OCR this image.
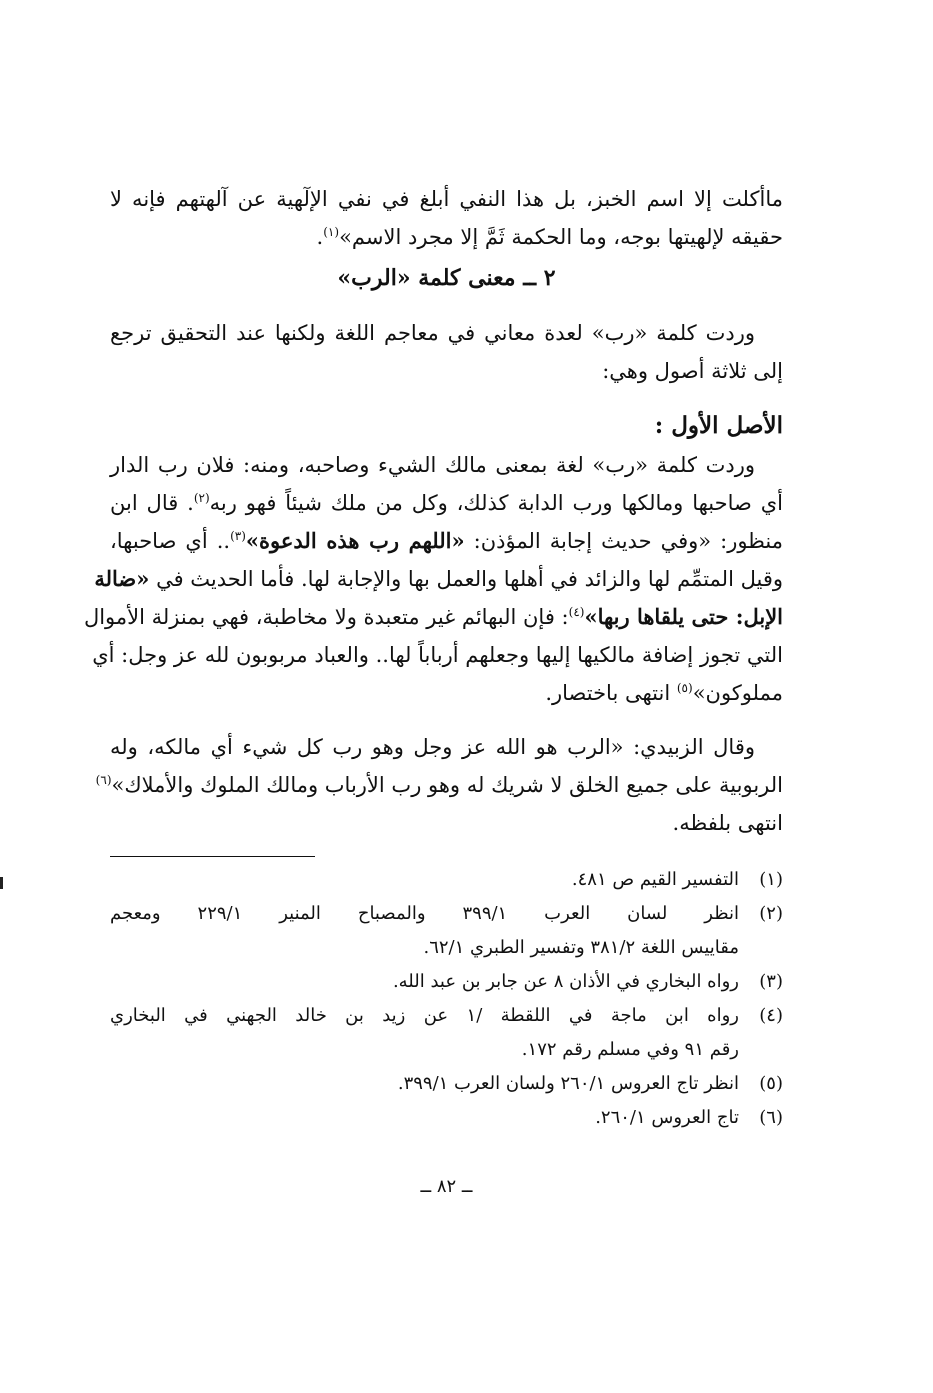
ماأكلت إلا اسم الخبز، بل هذا النفي أبلغ في نفي الإلٓهية عن آلهتهم فإنه لا
حقيقه لإلهيتها بوجه، وما الحكمة ثَمَّ إلا مجرد الاسم»$^{(١)}$.
٢ ــ معنى كلمة «الرب»
وردت كلمة «رب» لعدة معاني في معاجم اللغة ولكنها عند التحقيق ترجع
إلى ثلاثة أصول وهي:
الأصل الأول :
وردت كلمة «رب» لغة بمعنى مالك الشيء وصاحبه، ومنه: فلان رب الدار
أي صاحبها ومالكها ورب الدابة كذلك، وكل من ملك شيئاً فهو ربه$^{(٢)}$. قال ابن
منظور: «وفي حديث إجابة المؤذن: «اللهم رب هذه الدعوة»$^{(٣)}$.. أي صاحبها،
وقيل المتمِّم لها والزائد في أهلها والعمل بها والإجابة لها. فأما الحديث في «ضالة
الإبل: حتى يلقاها ربها»$^{(٤)}$: فإن البهائم غير متعبدة ولا مخاطبة، فهي بمنزلة الأموال
التي تجوز إضافة مالكيها إليها وجعلهم أرباباً لها.. والعباد مربوبون لله عز وجل: أي
مملوكون»$^{(٥)}$ انتهى باختصار.
وقال الزبيدي: «الرب هو الله عز وجل وهو رب كل شيء أي مالكه، وله
الربوبية على جميع الخلق لا شريك له وهو رب الأرباب ومالك الملوك والأملاك»$^{(٦)}$
انتهى بلفظه.
(١)
التفسير القيم ص ٤٨١.
(٢)
انظر لسان العرب ٣٩٩/١ والمصباح المنير ٢٢٩/١ ومعجم
مقاييس اللغة ٣٨١/٢ وتفسير الطبري ٦٢/١.
(٣)
رواه البخاري في الأذان ٨ عن جابر بن عبد الله.
(٤)
رواه ابن ماجة في اللقطة /١ عن زيد بن خالد الجهني في البخاري
رقم ٩١ وفي مسلم رقم ١٧٢.
(٥)
انظر تاج العروس ٢٦٠/١ ولسان العرب ٣٩٩/١.
(٦)
تاج العروس ٢٦٠/١.
ــ ٨٢ ــ
